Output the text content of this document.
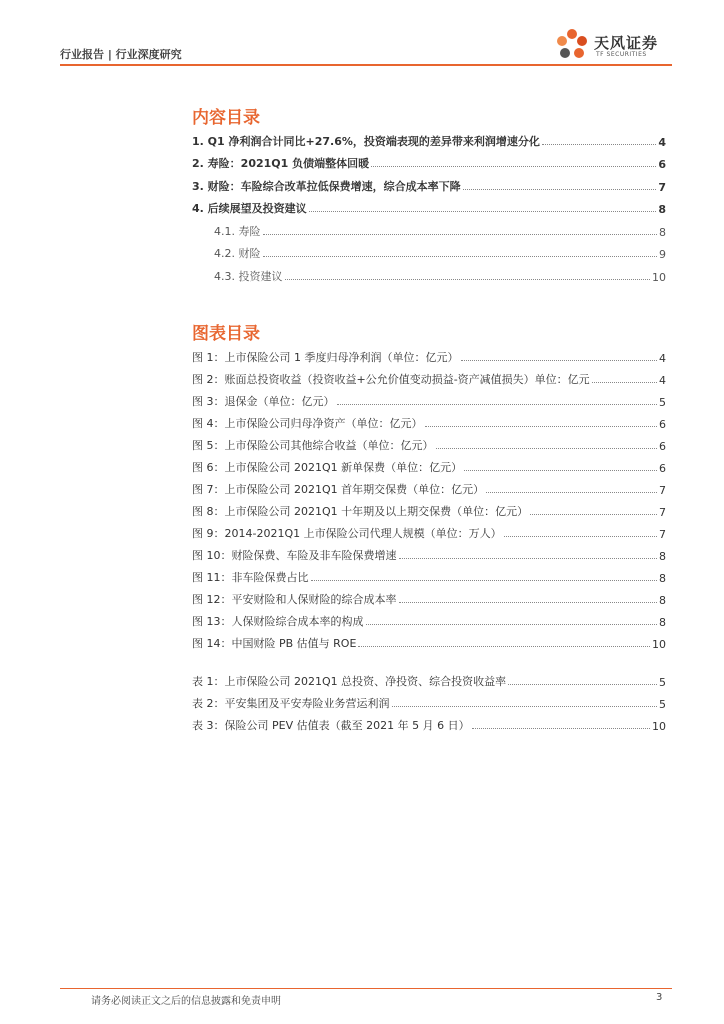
行业报告 | 行业深度研究
天风证券
TF SECURITIES
内容目录
1. Q1 净利润合计同比+27.6%，投资端表现的差异带来利润增速分化	4
2. 寿险：2021Q1 负债端整体回暖	6
3. 财险：车险综合改革拉低保费增速，综合成本率下降	7
4. 后续展望及投资建议	8
4.1. 寿险	8
4.2. 财险	9
4.3. 投资建议	10
图表目录
图 1：上市保险公司 1 季度归母净利润（单位：亿元）	4
图 2：账面总投资收益（投资收益+公允价值变动损益-资产减值损失）单位：亿元	4
图 3：退保金（单位：亿元）	5
图 4：上市保险公司归母净资产（单位：亿元）	6
图 5：上市保险公司其他综合收益（单位：亿元）	6
图 6：上市保险公司 2021Q1 新单保费（单位：亿元）	6
图 7：上市保险公司 2021Q1 首年期交保费（单位：亿元）	7
图 8：上市保险公司 2021Q1 十年期及以上期交保费（单位：亿元）	7
图 9：2014-2021Q1 上市保险公司代理人规模（单位：万人）	7
图 10：财险保费、车险及非车险保费增速	8
图 11：非车险保费占比	8
图 12：平安财险和人保财险的综合成本率	8
图 13：人保财险综合成本率的构成	8
图 14：中国财险 PB 估值与 ROE	10
表 1：上市保险公司 2021Q1 总投资、净投资、综合投资收益率	5
表 2：平安集团及平安寿险业务营运利润	5
表 3：保险公司 PEV 估值表（截至 2021 年 5 月 6 日）	10
请务必阅读正文之后的信息披露和免责申明	3
